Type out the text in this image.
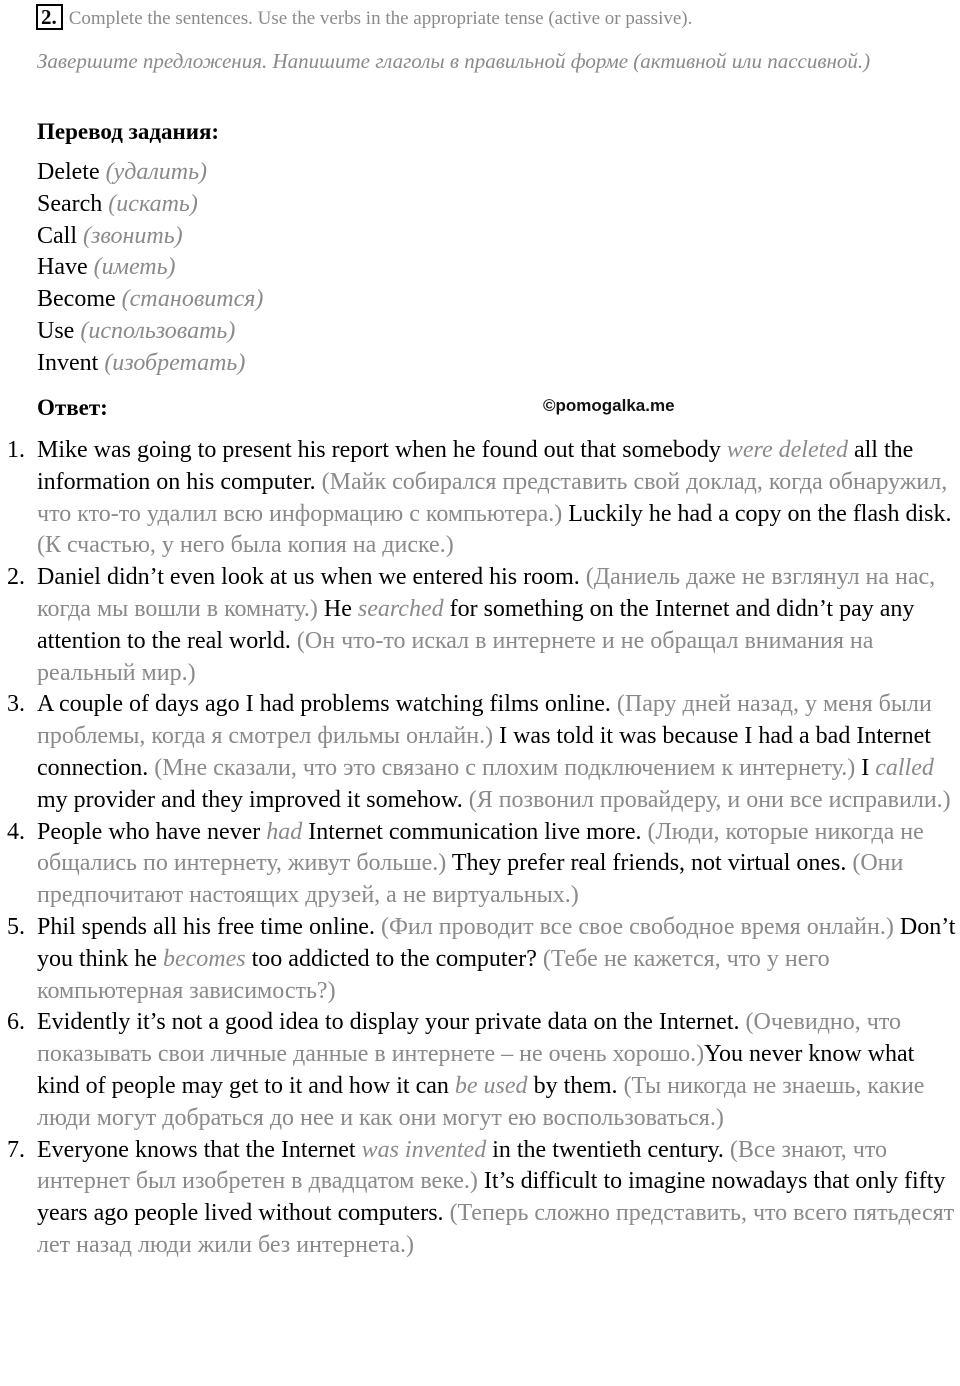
2. Complete the sentences. Use the verbs in the appropriate tense (active or passive).
Завершите предложения. Напишите глаголы в правильной форме (активной или пассивной.)
Перевод задания:
Delete (удалить)
Search (искать)
Call (звонить)
Have (иметь)
Become (становится)
Use (использовать)
Invent (изобретать)
Ответ:	©pomogalka.me
1. Mike was going to present his report when he found out that somebody were deleted all the information on his computer. (Майк собирался представить свой доклад, когда обнаружил, что кто-то удалил всю информацию с компьютера.) Luckily he had a copy on the flash disk. (К счастью, у него была копия на диске.)
2. Daniel didn’t even look at us when we entered his room. (Даниель даже не взглянул на нас, когда мы вошли в комнату.) He searched for something on the Internet and didn’t pay any attention to the real world. (Он что-то искал в интернете и не обращал внимания на реальный мир.)
3. A couple of days ago I had problems watching films online. (Пару дней назад, у меня были проблемы, когда я смотрел фильмы онлайн.) I was told it was because I had a bad Internet connection. (Мне сказали, что это связано с плохим подключением к интернету.) I called my provider and they improved it somehow. (Я позвонил провайдеру, и они все исправили.)
4. People who have never had Internet communication live more. (Люди, которые никогда не общались по интернету, живут больше.) They prefer real friends, not virtual ones. (Они предпочитают настоящих друзей, а не виртуальных.)
5. Phil spends all his free time online. (Фил проводит все свое свободное время онлайн.) Don’t you think he becomes too addicted to the computer? (Тебе не кажется, что у него компьютерная зависимость?)
6. Evidently it’s not a good idea to display your private data on the Internet. (Очевидно, что показывать свои личные данные в интернете – не очень хорошо.)You never know what kind of people may get to it and how it can be used by them. (Ты никогда не знаешь, какие люди могут добраться до нее и как они могут ею воспользоваться.)
7. Everyone knows that the Internet was invented in the twentieth century. (Все знают, что интернет был изобретен в двадцатом веке.) It’s difficult to imagine nowadays that only fifty years ago people lived without computers. (Теперь сложно представить, что всего пятьдесят лет назад люди жили без интернета.)
